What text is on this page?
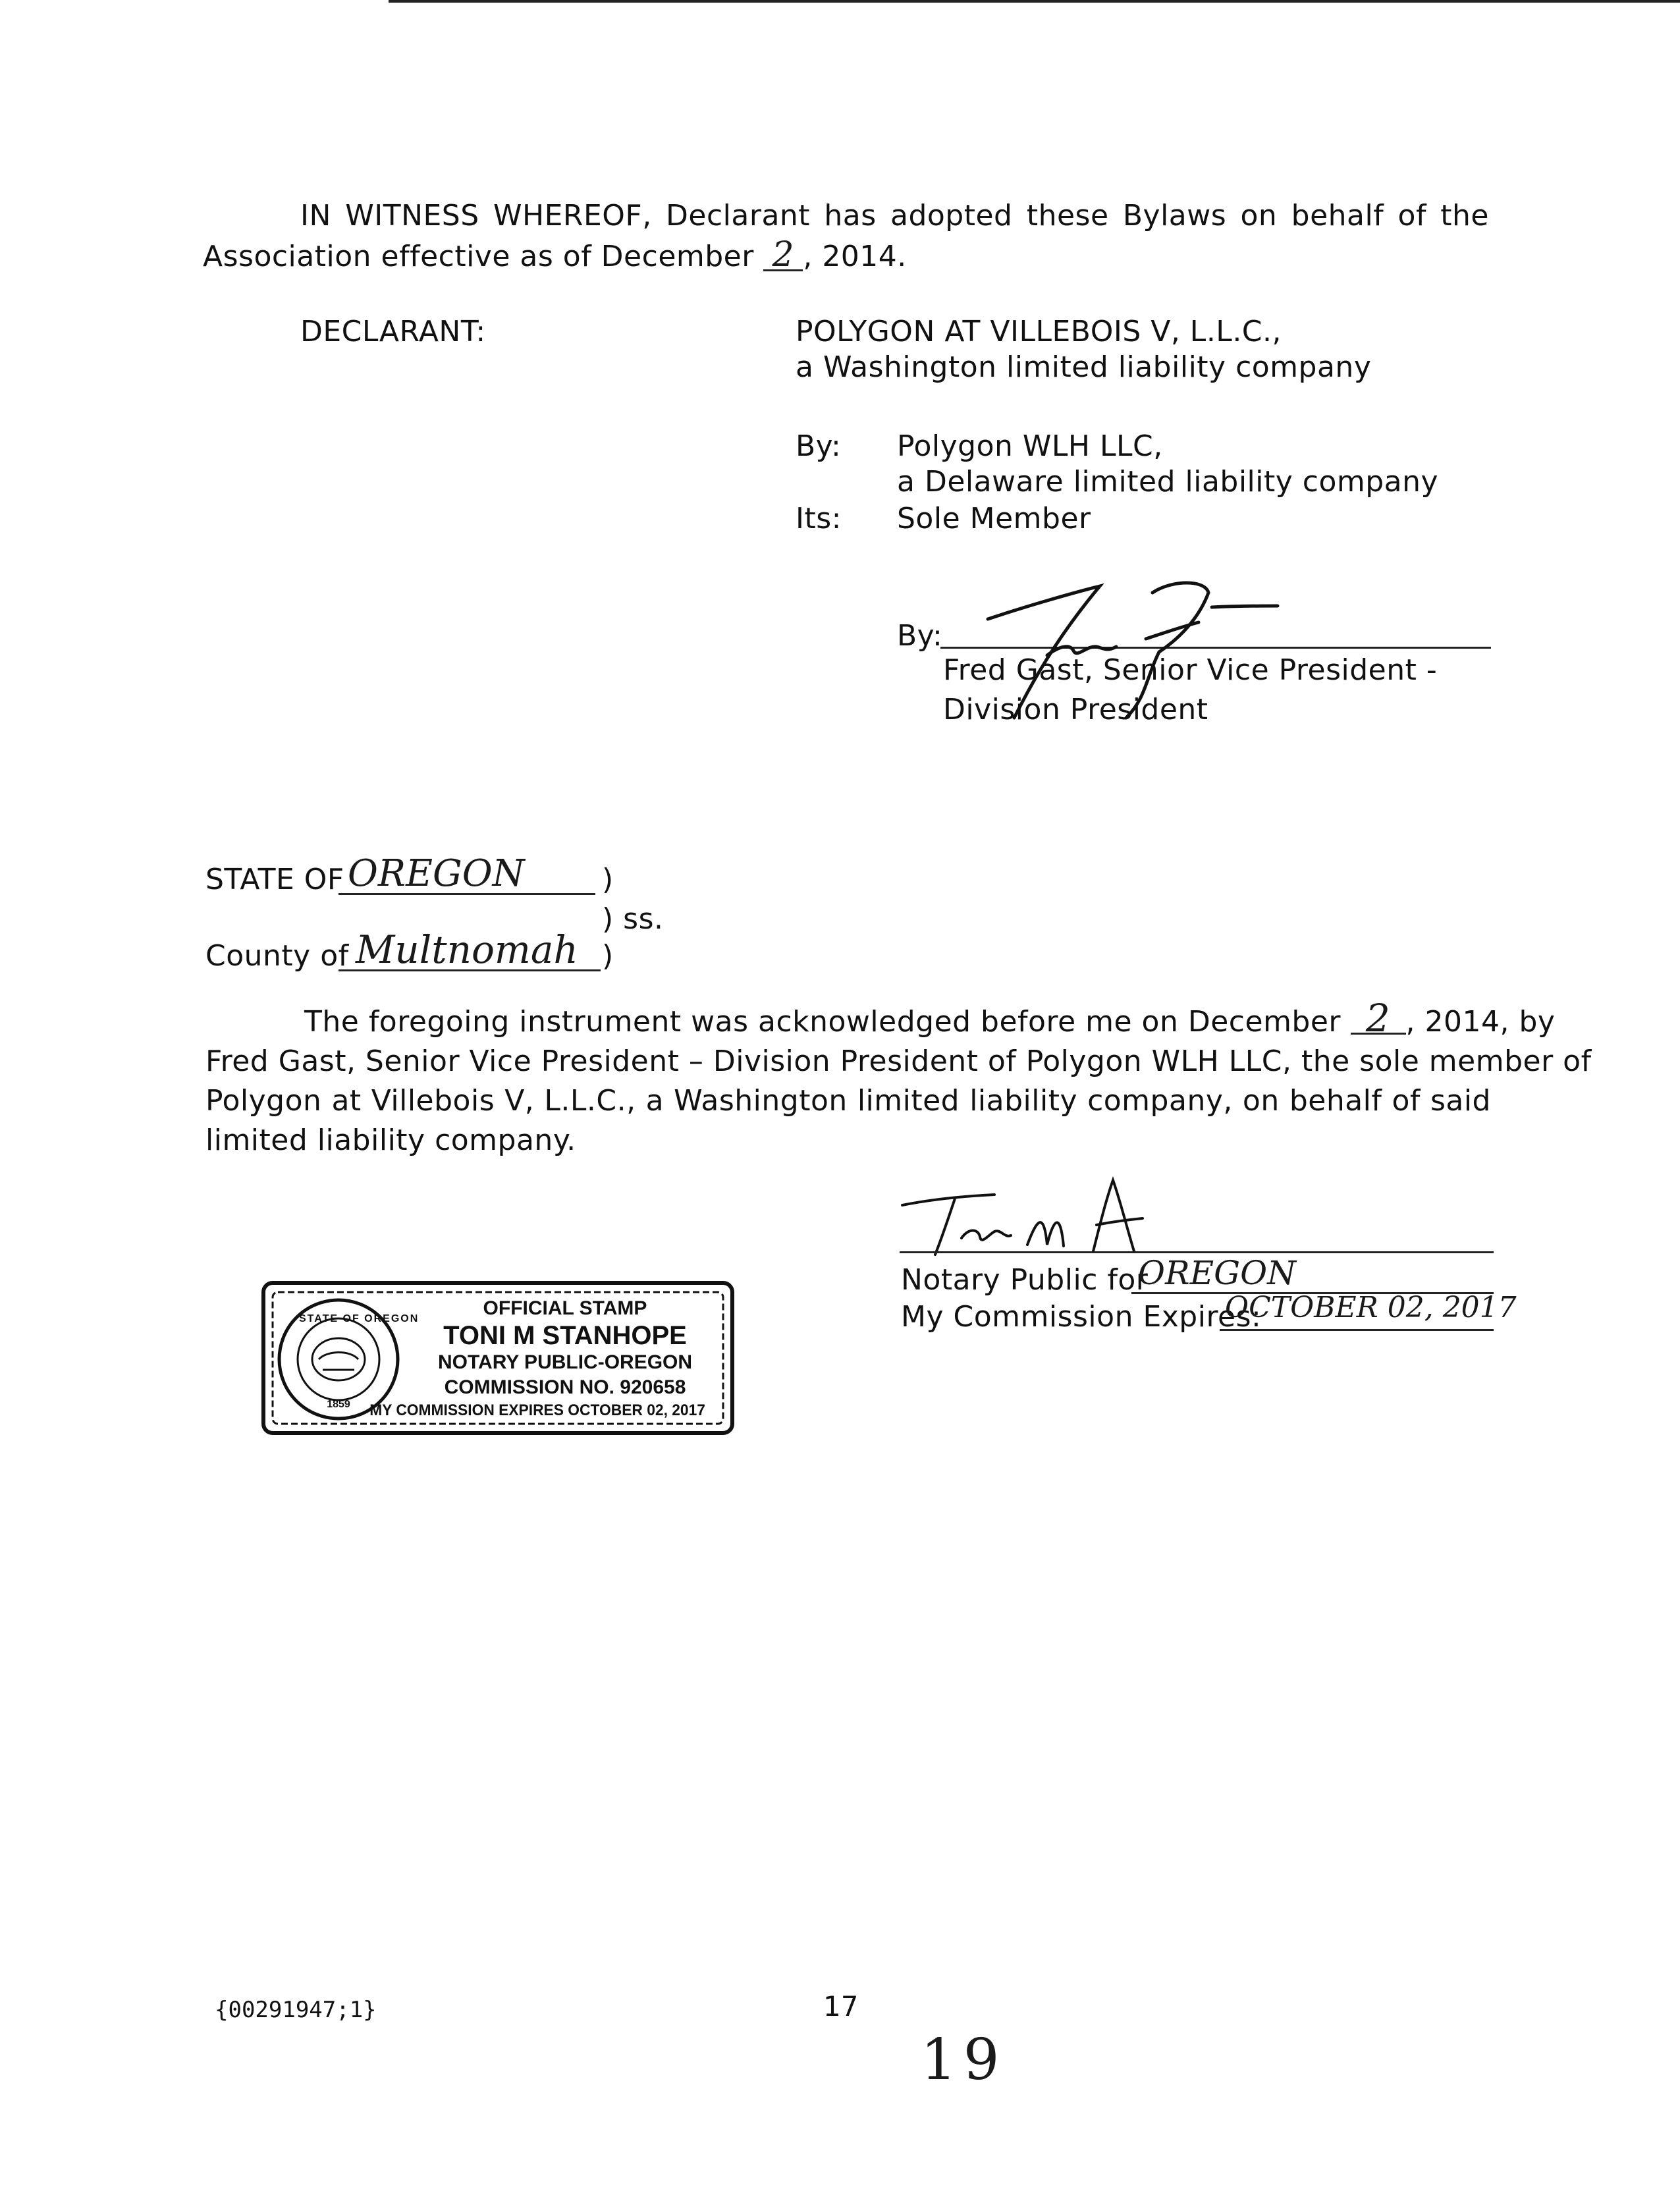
IN WITNESS WHEREOF, Declarant has adopted these Bylaws on behalf of the
Association effective as of December 2 , 2014.
DECLARANT:	POLYGON AT VILLEBOIS V, L.L.C.,
a Washington limited liability company
By: Polygon WLH LLC,
a Delaware limited liability company
Its: Sole Member
By:
Fred Gast, Senior Vice President -
Division President
STATE OF OREGON	)
) ss.
County of Multnomah )
The foregoing instrument was acknowledged before me on December 2 , 2014, by
Fred Gast, Senior Vice President – Division President of Polygon WLH LLC, the sole member of
Polygon at Villebois V, L.L.C., a Washington limited liability company, on behalf of said
limited liability company.
Notary Public for
OREGON
My Commission Expires:
OCTOBER 02, 2017
STATE OF OREGON
1859
OFFICIAL STAMP
TONI M STANHOPE
NOTARY PUBLIC-OREGON
COMMISSION NO. 920658
MY COMMISSION EXPIRES OCTOBER 02, 2017
{00291947;1}	17
19
